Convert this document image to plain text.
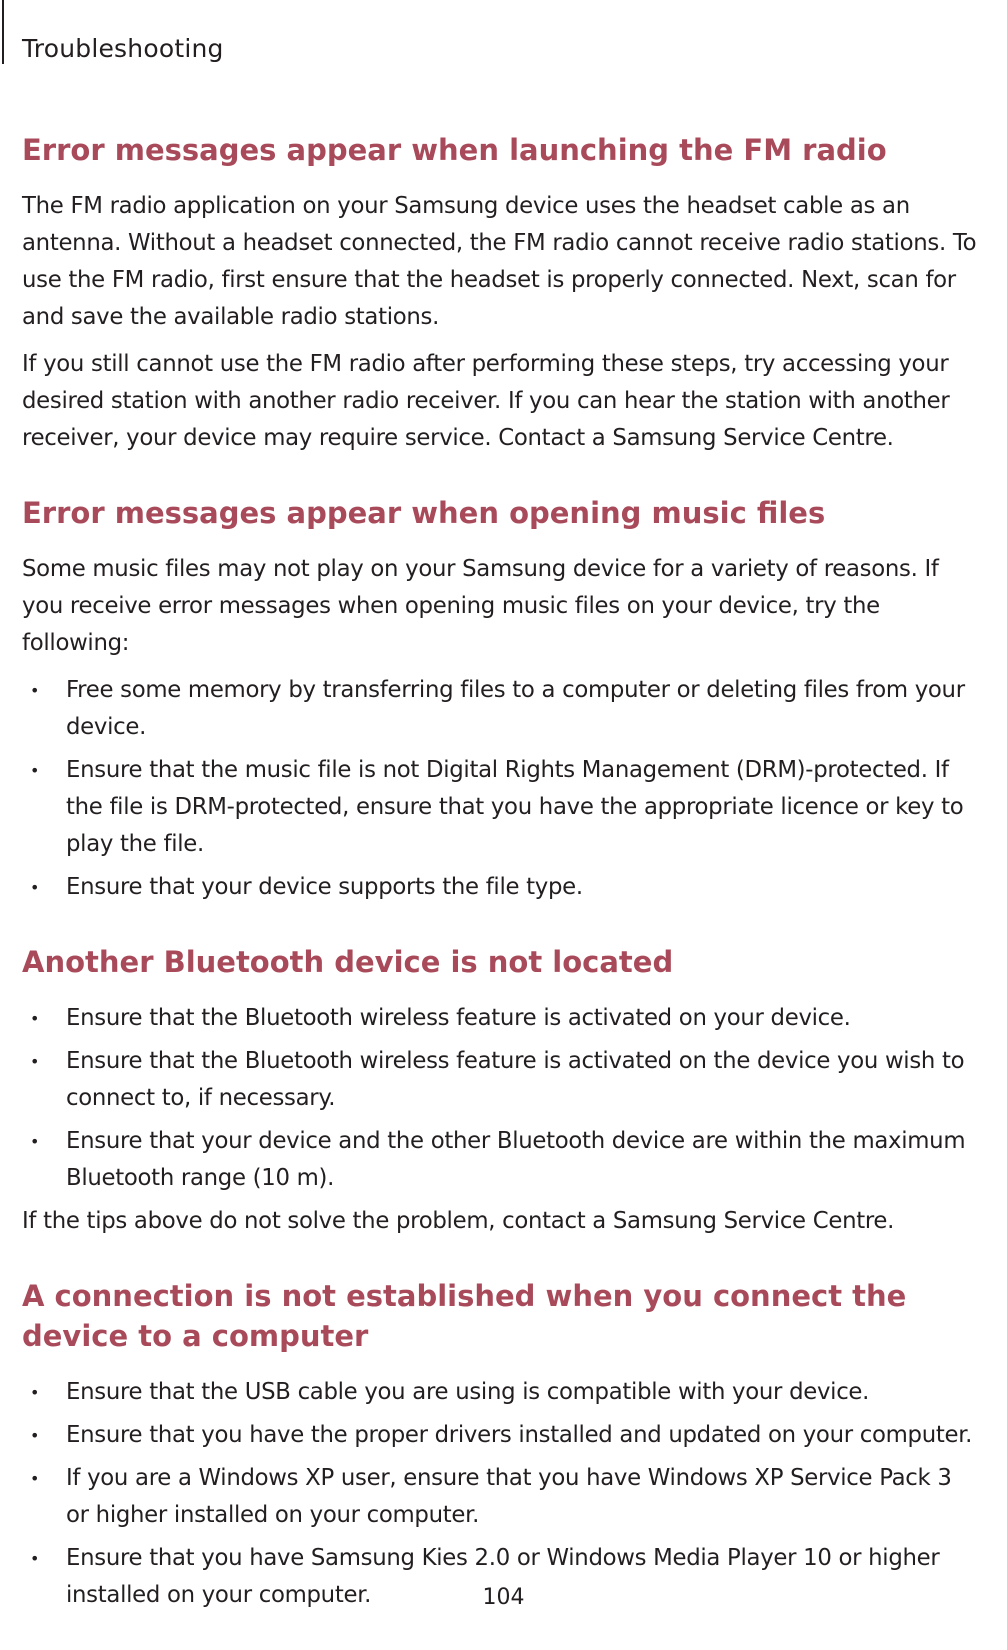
Troubleshooting
Error messages appear when launching the FM radio

The FM radio application on your Samsung device uses the headset cable as an antenna. Without a headset connected, the FM radio cannot receive radio stations. To use the FM radio, first ensure that the headset is properly connected. Next, scan for and save the available radio stations.

If you still cannot use the FM radio after performing these steps, try accessing your desired station with another radio receiver. If you can hear the station with another receiver, your device may require service. Contact a Samsung Service Centre.

Error messages appear when opening music files

Some music files may not play on your Samsung device for a variety of reasons. If you receive error messages when opening music files on your device, try the following:

• Free some memory by transferring files to a computer or deleting files from your device.
• Ensure that the music file is not Digital Rights Management (DRM)-protected. If the file is DRM-protected, ensure that you have the appropriate licence or key to play the file.
• Ensure that your device supports the file type.
Another Bluetooth device is not located
• Ensure that the Bluetooth wireless feature is activated on your device.
• Ensure that the Bluetooth wireless feature is activated on the device you wish to connect to, if necessary.
• Ensure that your device and the other Bluetooth device are within the maximum Bluetooth range (10 m).

If the tips above do not solve the problem, contact a Samsung Service Centre.

A connection is not established when you connect the device to a computer
• Ensure that the USB cable you are using is compatible with your device.
• Ensure that you have the proper drivers installed and updated on your computer.
• If you are a Windows XP user, ensure that you have Windows XP Service Pack 3 or higher installed on your computer.
• Ensure that you have Samsung Kies 2.0 or Windows Media Player 10 or higher installed on your computer.	104
